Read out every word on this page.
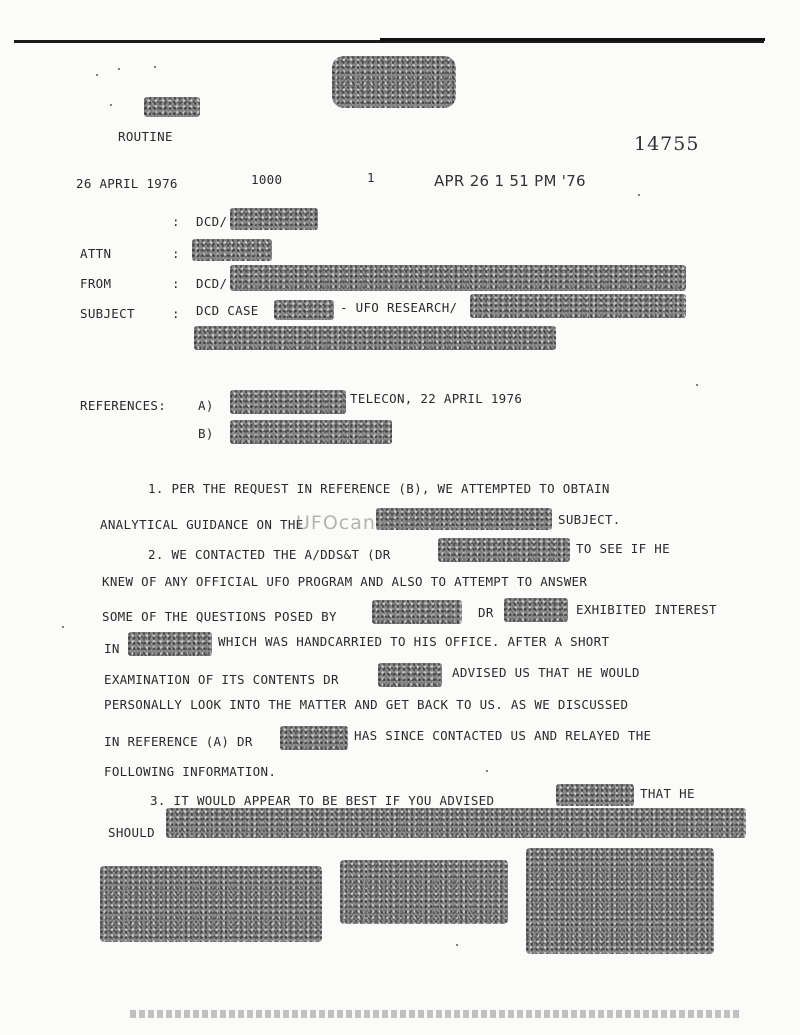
ROUTINE	14755
26 APRIL 1976	1000	1	APR 26 1 51 PM '76
: DCD/
ATTN	:
FROM	: DCD/
SUBJECT	: DCD CASE	- UFO RESEARCH/
REFERENCES:	A)	TELECON, 22 APRIL 1976
B)
1. PER THE REQUEST IN REFERENCE (B), WE ATTEMPTED TO OBTAIN
ANALYTICAL GUIDANCE ON THE	SUBJECT.
UFOcans.com
2. WE CONTACTED THE A/DDS&T (DR	TO SEE IF HE
KNEW OF ANY OFFICIAL UFO PROGRAM AND ALSO TO ATTEMPT TO ANSWER
SOME OF THE QUESTIONS POSED BY	DR	EXHIBITED INTEREST
IN	WHICH WAS HANDCARRIED TO HIS OFFICE. AFTER A SHORT
EXAMINATION OF ITS CONTENTS DR	ADVISED US THAT HE WOULD
PERSONALLY LOOK INTO THE MATTER AND GET BACK TO US. AS WE DISCUSSED
IN REFERENCE (A) DR	HAS SINCE CONTACTED US AND RELAYED THE
FOLLOWING INFORMATION.
3. IT WOULD APPEAR TO BE BEST IF YOU ADVISED	THAT HE
SHOULD
